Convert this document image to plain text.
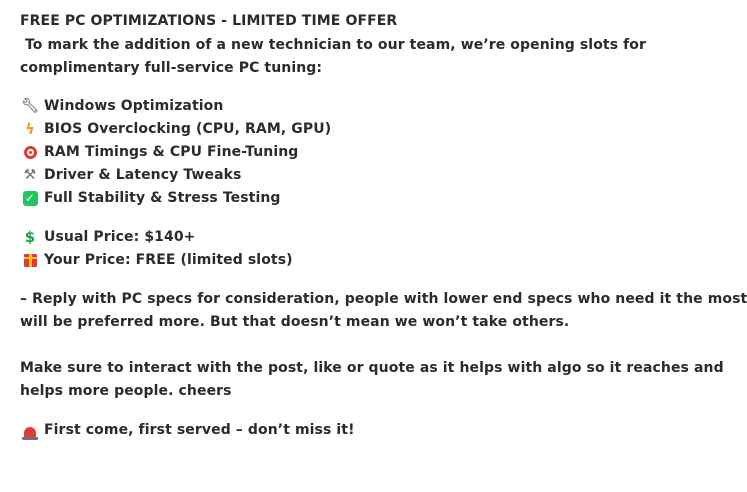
FREE PC OPTIMIZATIONS - LIMITED TIME OFFER
To mark the addition of a new technician to our team, we’re opening slots for
complimentary full-service PC tuning:
🔧︎ Windows Optimization
ϟ BIOS Overclocking (CPU, RAM, GPU)
RAM Timings & CPU Fine-Tuning
⚒ Driver & Latency Tweaks
✓ Full Stability & Stress Testing
$ Usual Price: $140+
Your Price: FREE (limited slots)
– Reply with PC specs for consideration, people with lower end specs who need it the most
will be preferred more. But that doesn’t mean we won’t take others.
Make sure to interact with the post, like or quote as it helps with algo so it reaches and
helps more people. cheers
First come, first served – don’t miss it!
